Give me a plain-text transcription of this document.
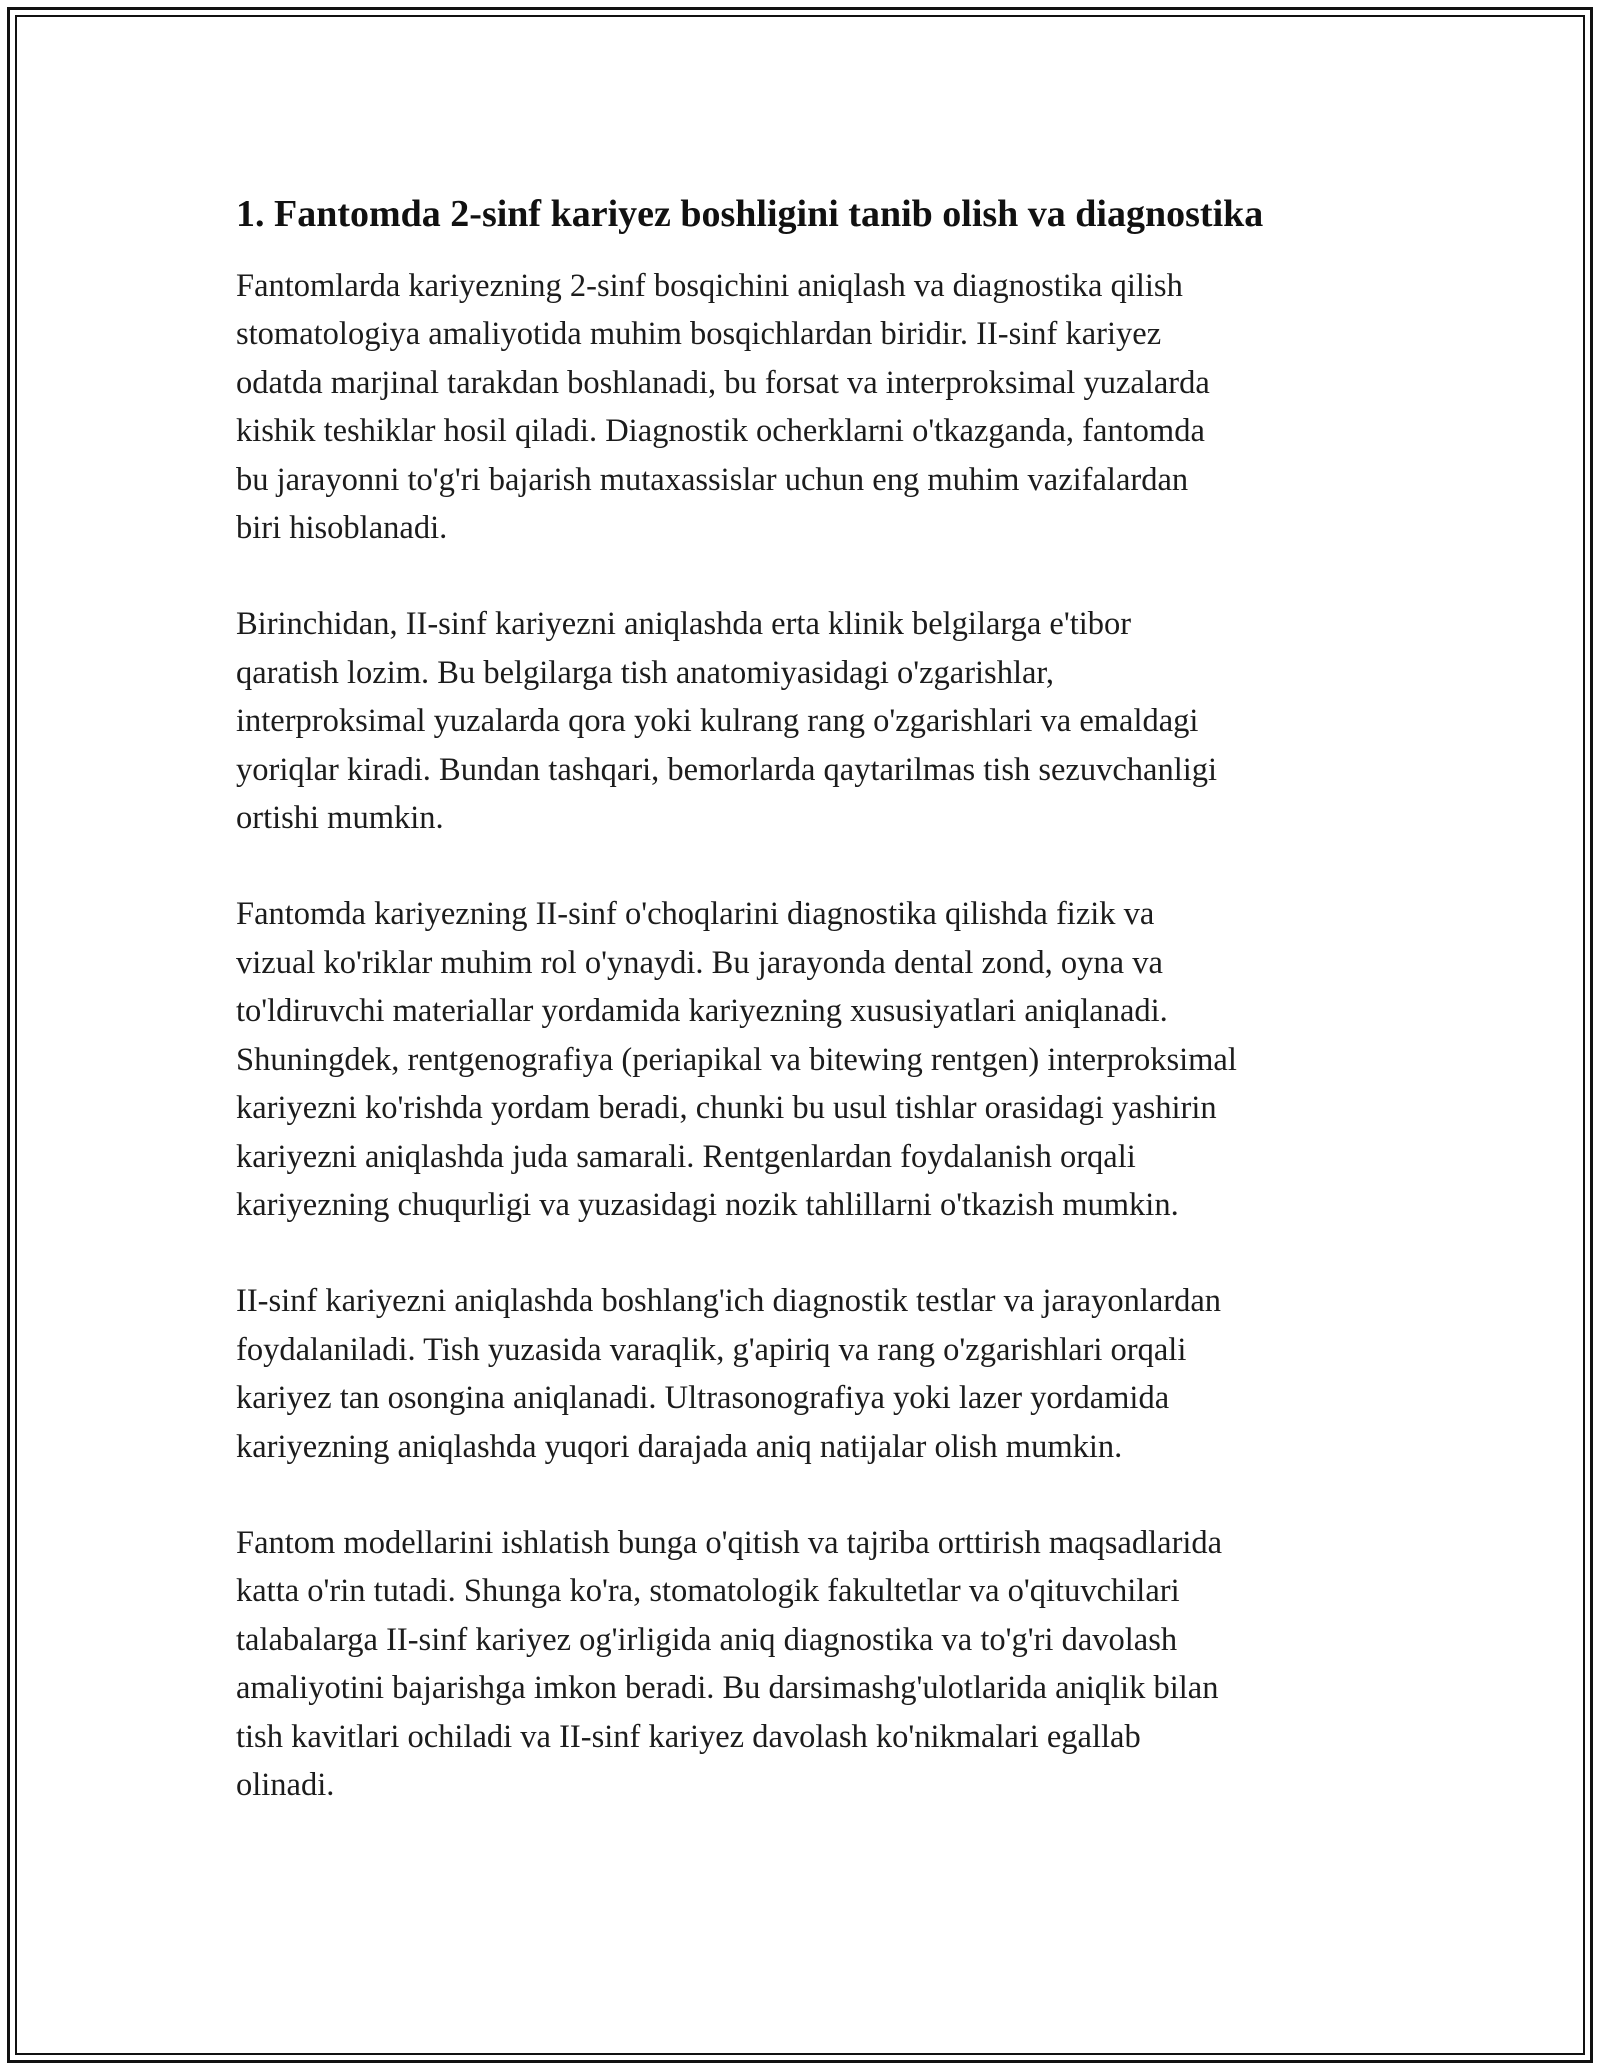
1. Fantomda 2-sinf kariyez boshligini tanib olish va diagnostika

Fantomlarda kariyezning 2-sinf bosqichini aniqlash va diagnostika qilish
stomatologiya amaliyotida muhim bosqichlardan biridir. II-sinf kariyez
odatda marjinal tarakdan boshlanadi, bu forsat va interproksimal yuzalarda
kishik teshiklar hosil qiladi. Diagnostik ocherklarni o'tkazganda, fantomda
bu jarayonni to'g'ri bajarish mutaxassislar uchun eng muhim vazifalardan
biri hisoblanadi.

Birinchidan, II-sinf kariyezni aniqlashda erta klinik belgilarga e'tibor
qaratish lozim. Bu belgilarga tish anatomiyasidagi o'zgarishlar,
interproksimal yuzalarda qora yoki kulrang rang o'zgarishlari va emaldagi
yoriqlar kiradi. Bundan tashqari, bemorlarda qaytarilmas tish sezuvchanligi
ortishi mumkin.

Fantomda kariyezning II-sinf o'choqlarini diagnostika qilishda fizik va
vizual ko'riklar muhim rol o'ynaydi. Bu jarayonda dental zond, oyna va
to'ldiruvchi materiallar yordamida kariyezning xususiyatlari aniqlanadi.
Shuningdek, rentgenografiya (periapikal va bitewing rentgen) interproksimal
kariyezni ko'rishda yordam beradi, chunki bu usul tishlar orasidagi yashirin
kariyezni aniqlashda juda samarali. Rentgenlardan foydalanish orqali
kariyezning chuqurligi va yuzasidagi nozik tahlillarni o'tkazish mumkin.

II-sinf kariyezni aniqlashda boshlang'ich diagnostik testlar va jarayonlardan
foydalaniladi. Tish yuzasida varaqlik, g'apiriq va rang o'zgarishlari orqali
kariyez tan osongina aniqlanadi. Ultrasonografiya yoki lazer yordamida
kariyezning aniqlashda yuqori darajada aniq natijalar olish mumkin.

Fantom modellarini ishlatish bunga o'qitish va tajriba orttirish maqsadlarida
katta o'rin tutadi. Shunga ko'ra, stomatologik fakultetlar va o'qituvchilari
talabalarga II-sinf kariyez og'irligida aniq diagnostika va to'g'ri davolash
amaliyotini bajarishga imkon beradi. Bu darsimashg'ulotlarida aniqlik bilan
tish kavitlari ochiladi va II-sinf kariyez davolash ko'nikmalari egallab
olinadi.
